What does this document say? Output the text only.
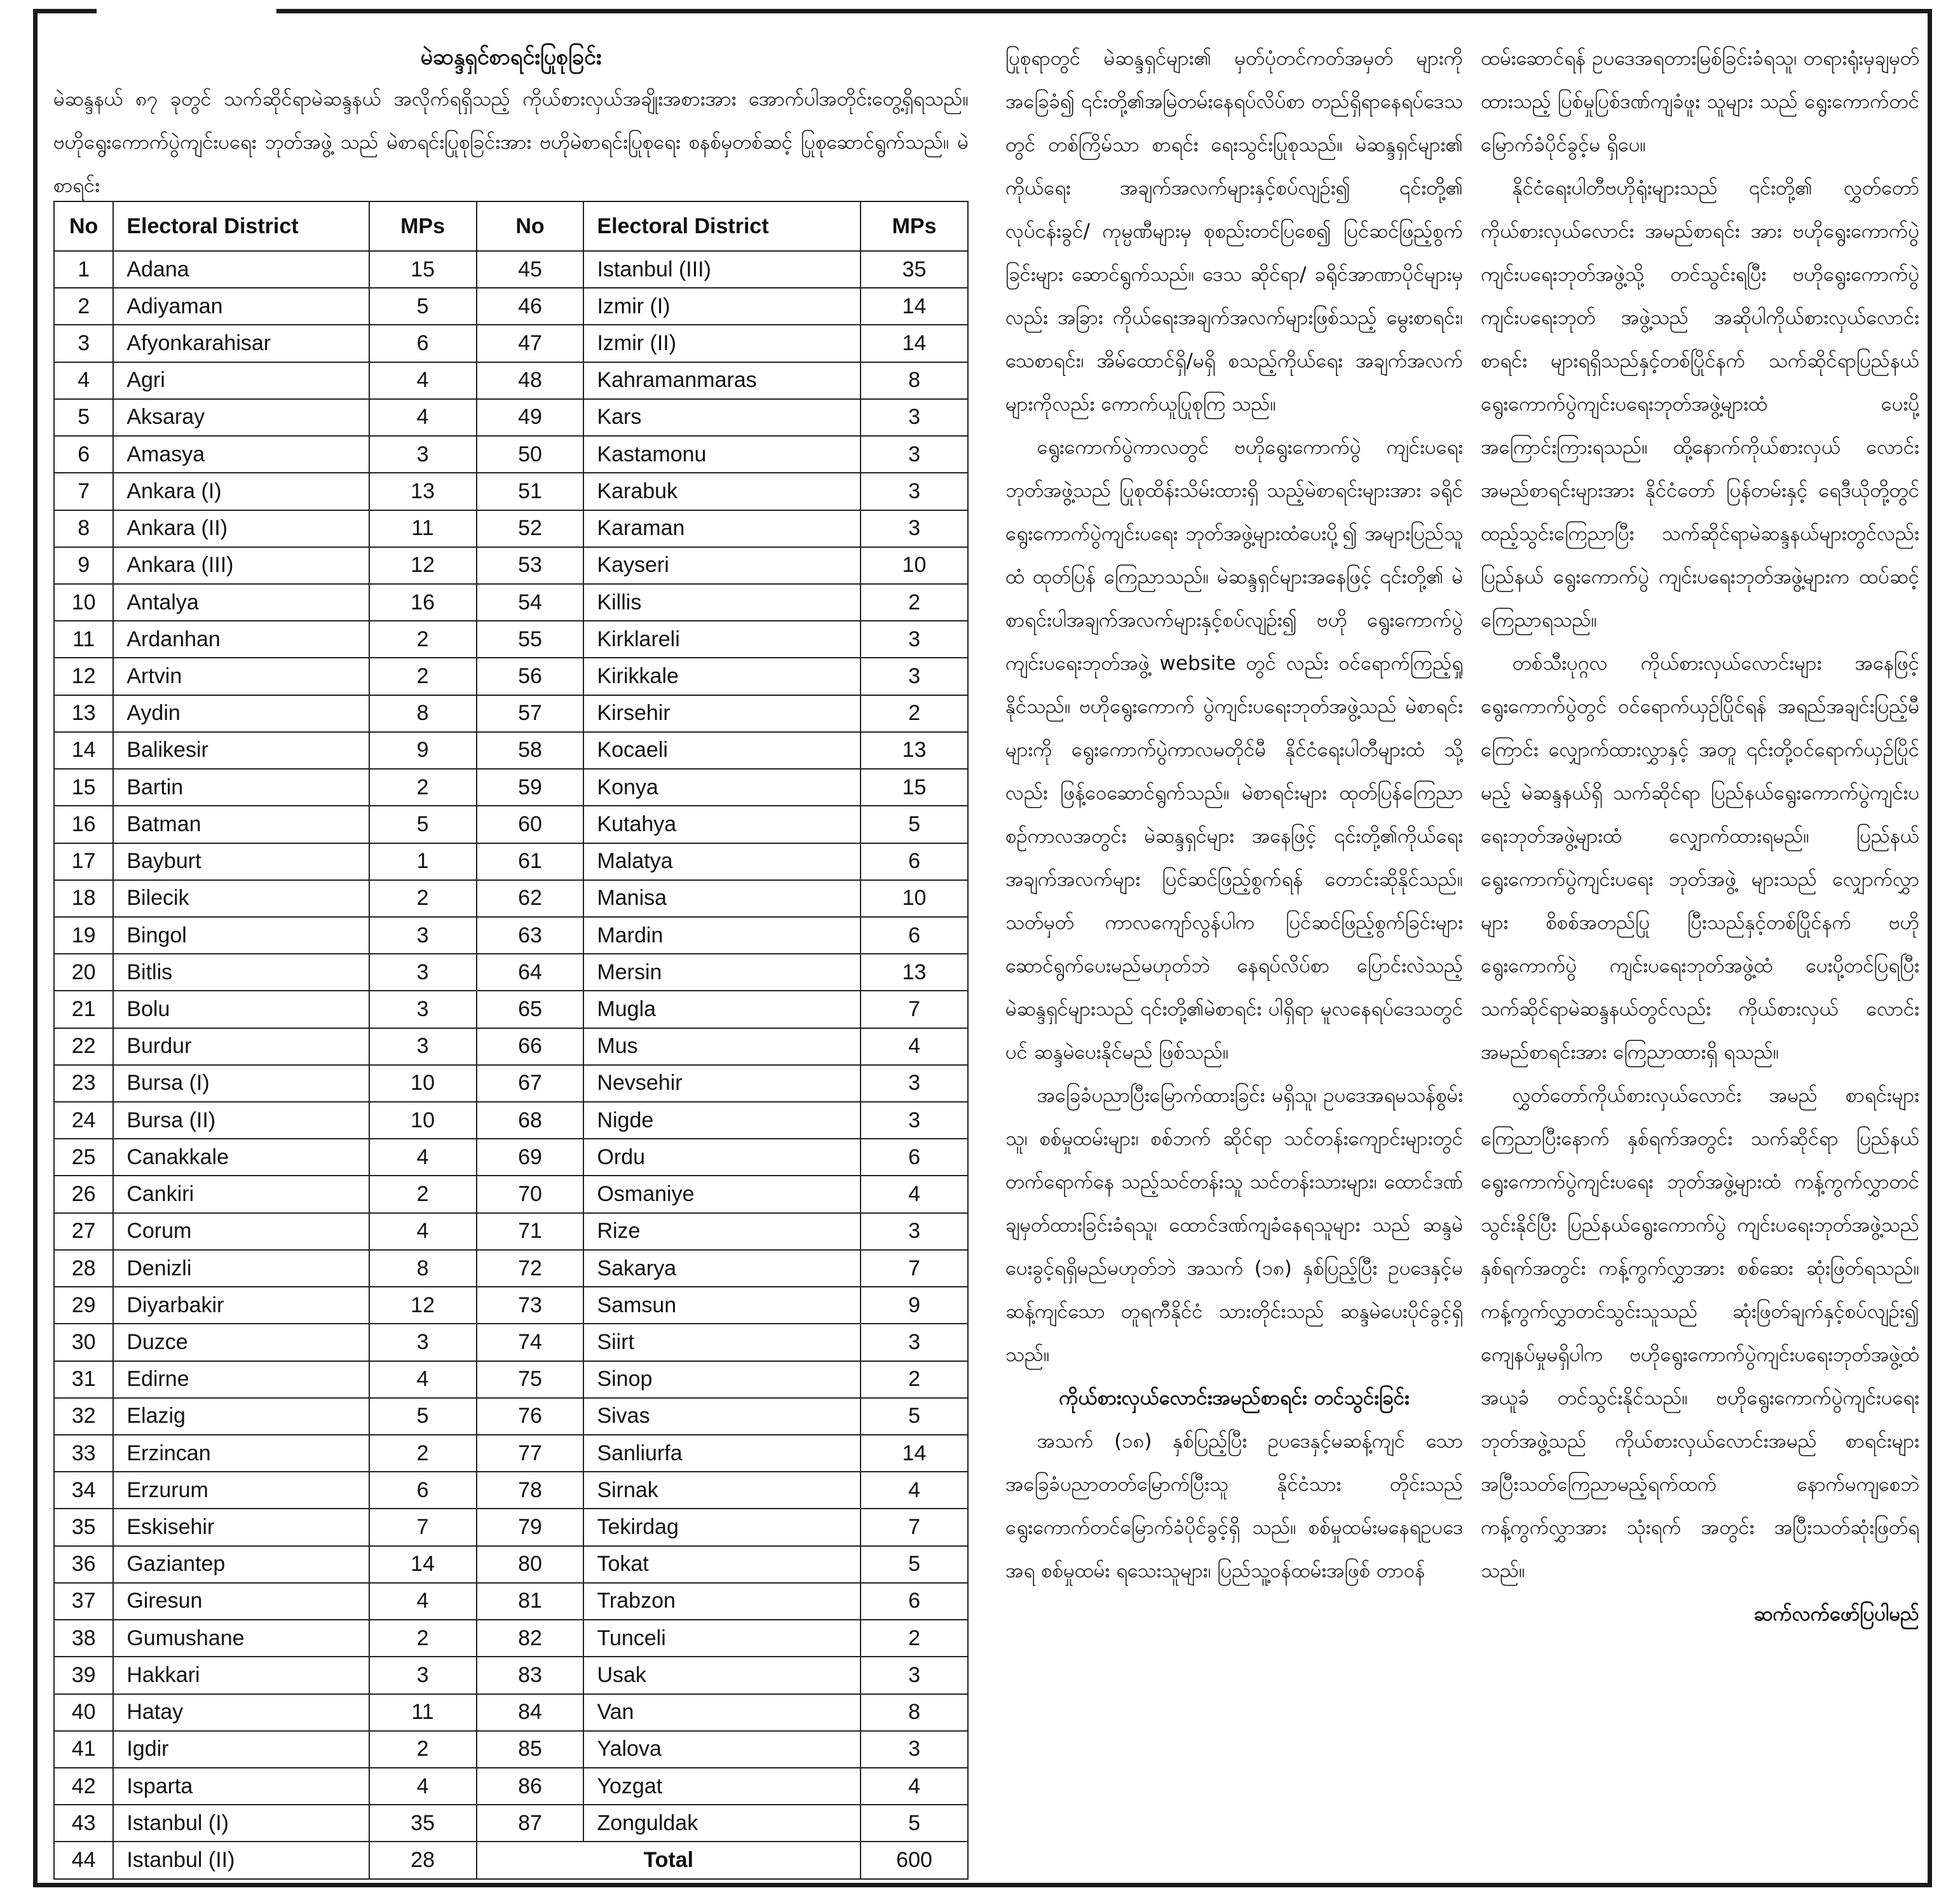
မဲဆန္ဒရှင်စာရင်းပြုစုခြင်း
မဲဆန္ဒနယ် ၈၇ ခုတွင် သက်ဆိုင်ရာမဲဆန္ဒနယ် အလိုက်ရရှိသည့် ကိုယ်စားလှယ်အချိုးအစားအား အောက်ပါအတိုင်းတွေ့ရှိရသည်။ ဗဟိုရွေးကောက်ပွဲကျင်းပရေး ဘုတ်အဖွဲ့ သည် မဲစာရင်းပြုစုခြင်းအား ဗဟိုမဲစာရင်းပြုစုရေး စနစ်မှတစ်ဆင့် ပြုစုဆောင်ရွက်သည်။ မဲစာရင်း
No	Electoral District	MPs	No	Electoral District	MPs
1	Adana	15	45	Istanbul (III)	35
2	Adiyaman	5	46	Izmir (I)	14
3	Afyonkarahisar	6	47	Izmir (II)	14
4	Agri	4	48	Kahramanmaras	8
5	Aksaray	4	49	Kars	3
6	Amasya	3	50	Kastamonu	3
7	Ankara (I)	13	51	Karabuk	3
8	Ankara (II)	11	52	Karaman	3
9	Ankara (III)	12	53	Kayseri	10
10	Antalya	16	54	Killis	2
11	Ardanhan	2	55	Kirklareli	3
12	Artvin	2	56	Kirikkale	3
13	Aydin	8	57	Kirsehir	2
14	Balikesir	9	58	Kocaeli	13
15	Bartin	2	59	Konya	15
16	Batman	5	60	Kutahya	5
17	Bayburt	1	61	Malatya	6
18	Bilecik	2	62	Manisa	10
19	Bingol	3	63	Mardin	6
20	Bitlis	3	64	Mersin	13
21	Bolu	3	65	Mugla	7
22	Burdur	3	66	Mus	4
23	Bursa (I)	10	67	Nevsehir	3
24	Bursa (II)	10	68	Nigde	3
25	Canakkale	4	69	Ordu	6
26	Cankiri	2	70	Osmaniye	4
27	Corum	4	71	Rize	3
28	Denizli	8	72	Sakarya	7
29	Diyarbakir	12	73	Samsun	9
30	Duzce	3	74	Siirt	3
31	Edirne	4	75	Sinop	2
32	Elazig	5	76	Sivas	5
33	Erzincan	2	77	Sanliurfa	14
34	Erzurum	6	78	Sirnak	4
35	Eskisehir	7	79	Tekirdag	7
36	Gaziantep	14	80	Tokat	5
37	Giresun	4	81	Trabzon	6
38	Gumushane	2	82	Tunceli	2
39	Hakkari	3	83	Usak	3
40	Hatay	11	84	Van	8
41	Igdir	2	85	Yalova	3
42	Isparta	4	86	Yozgat	4
43	Istanbul (I)	35	87	Zonguldak	5
44	Istanbul (II)	28	Total		600

ပြုစုရာတွင် မဲဆန္ဒရှင်များ၏ မှတ်ပုံတင်ကတ်အမှတ် များကိုအခြေခံ၍ ၎င်းတို့၏အမြဲတမ်းနေရပ်လိပ်စာ တည်ရှိရာနေရပ်ဒေသတွင် တစ်ကြိမ်သာ စာရင်း ရေးသွင်းပြုစုသည်။ မဲဆန္ဒရှင်များ၏ ကိုယ်ရေး အချက်အလက်များနှင့်စပ်လျဉ်း၍ ၎င်းတို့၏ လုပ်ငန်းခွင်/ ကုမ္ပဏီများမှ စုစည်းတင်ပြစေ၍ ပြင်ဆင်ဖြည့်စွက်ခြင်းများ ဆောင်ရွက်သည်။ ဒေသ ဆိုင်ရာ/ ခရိုင်အာဏာပိုင်များမှလည်း အခြား ကိုယ်ရေးအချက်အလက်များဖြစ်သည့် မွေးစာရင်း၊ သေစာရင်း၊ အိမ်ထောင်ရှိ/မရှိ စသည့်ကိုယ်ရေး အချက်အလက်များကိုလည်း ကောက်ယူပြုစုကြ သည်။

ရွေးကောက်ပွဲကာလတွင် ဗဟိုရွေးကောက်ပွဲ ကျင်းပရေးဘုတ်အဖွဲ့သည် ပြုစုထိန်းသိမ်းထားရှိ သည့်မဲစာရင်းများအား ခရိုင်ရွေးကောက်ပွဲကျင်းပရေး ဘုတ်အဖွဲ့များထံပေးပို့၍ အများပြည်သူထံ ထုတ်ပြန် ကြေညာသည်။ မဲဆန္ဒရှင်များအနေဖြင့် ၎င်းတို့၏ မဲစာရင်းပါအချက်အလက်များနှင့်စပ်လျဉ်း၍ ဗဟို ရွေးကောက်ပွဲကျင်းပရေးဘုတ်အဖွဲ့ website တွင် လည်း ဝင်ရောက်ကြည့်ရှုနိုင်သည်။ ဗဟိုရွေးကောက် ပွဲကျင်းပရေးဘုတ်အဖွဲ့သည် မဲစာရင်းများကို ရွေးကောက်ပွဲကာလမတိုင်မီ နိုင်ငံရေးပါတီများထံ သို့လည်း ဖြန့်ဝေဆောင်ရွက်သည်။ မဲစာရင်းများ ထုတ်ပြန်ကြေညာစဉ်ကာလအတွင်း မဲဆန္ဒရှင်များ အနေဖြင့် ၎င်းတို့၏ကိုယ်ရေးအချက်အလက်များ ပြင်ဆင်ဖြည့်စွက်ရန် တောင်းဆိုနိုင်သည်။ သတ်မှတ် ကာလကျော်လွန်ပါက ပြင်ဆင်ဖြည့်စွက်ခြင်းများ ဆောင်ရွက်ပေးမည်မဟုတ်ဘဲ နေရပ်လိပ်စာ ပြောင်းလဲသည့် မဲဆန္ဒရှင်များသည် ၎င်းတို့၏မဲစာရင်း ပါရှိရာ မူလနေရပ်ဒေသတွင်ပင် ဆန္ဒမဲပေးနိုင်မည် ဖြစ်သည်။

အခြေခံပညာပြီးမြောက်ထားခြင်း မရှိသူ၊ ဥပဒေအရမသန်စွမ်းသူ၊ စစ်မှုထမ်းများ၊ စစ်ဘက် ဆိုင်ရာ သင်တန်းကျောင်းများတွင် တက်ရောက်နေ သည့်သင်တန်းသူ သင်တန်းသားများ၊ ထောင်ဒဏ် ချမှတ်ထားခြင်းခံရသူ၊ ထောင်ဒဏ်ကျခံနေရသူများ သည် ဆန္ဒမဲပေးခွင့်ရရှိမည်မဟုတ်ဘဲ အသက် (၁၈) နှစ်ပြည့်ပြီး ဥပဒေနှင့်မဆန့်ကျင်သော တူရကီနိုင်ငံ သားတိုင်းသည် ဆန္ဒမဲပေးပိုင်ခွင့်ရှိသည်။

ကိုယ်စားလှယ်လောင်းအမည်စာရင်း တင်သွင်းခြင်း

အသက် (၁၈) နှစ်ပြည့်ပြီး ဥပဒေနှင့်မဆန့်ကျင် သော အခြေခံပညာတတ်မြောက်ပြီးသူ နိုင်ငံသား တိုင်းသည် ရွေးကောက်တင်မြောက်ခံပိုင်ခွင့်ရှိ သည်။ စစ်မှုထမ်းမနေရဥပဒေအရ စစ်မှုထမ်း ရသေးသူများ၊ ပြည်သူ့ဝန်ထမ်းအဖြစ် တာဝန်

ထမ်းဆောင်ရန် ဥပဒေအရတားမြစ်ခြင်းခံရသူ၊ တရားရုံးမှချမှတ်ထားသည့် ပြစ်မှုပြစ်ဒဏ်ကျခံဖူး သူများ သည် ရွေးကောက်တင်မြောက်ခံပိုင်ခွင့်မ ရှိပေ။

နိုင်ငံရေးပါတီဗဟိုရုံးများသည် ၎င်းတို့၏ လွှတ်တော်ကိုယ်စားလှယ်လောင်း အမည်စာရင်း အား ဗဟိုရွေးကောက်ပွဲကျင်းပရေးဘုတ်အဖွဲ့သို့ တင်သွင်းရပြီး ဗဟိုရွေးကောက်ပွဲကျင်းပရေးဘုတ် အဖွဲ့သည် အဆိုပါကိုယ်စားလှယ်လောင်းစာရင်း များရရှိသည်နှင့်တစ်ပြိုင်နက် သက်ဆိုင်ရာပြည်နယ် ရွေးကောက်ပွဲကျင်းပရေးဘုတ်အဖွဲ့များထံ ပေးပို့ အကြောင်းကြားရသည်။ ထို့နောက်ကိုယ်စားလှယ် လောင်းအမည်စာရင်းများအား နိုင်ငံတော် ပြန်တမ်းနှင့် ရေဒီယိုတို့တွင် ထည့်သွင်းကြေညာပြီး သက်ဆိုင်ရာမဲဆန္ဒနယ်များတွင်လည်း ပြည်နယ် ရွေးကောက်ပွဲ ကျင်းပရေးဘုတ်အဖွဲ့များက ထပ်ဆင့်ကြေညာရသည်။

တစ်သီးပုဂ္ဂလ ကိုယ်စားလှယ်လောင်းများ အနေဖြင့်ရွေးကောက်ပွဲတွင် ဝင်ရောက်ယှဉ်ပြိုင်ရန် အရည်အချင်းပြည့်မီကြောင်း လျှောက်ထားလွှာနှင့် အတူ ၎င်းတို့ဝင်ရောက်ယှဉ်ပြိုင်မည့် မဲဆန္ဒနယ်ရှိ သက်ဆိုင်ရာ ပြည်နယ်ရွေးကောက်ပွဲကျင်းပ ရေးဘုတ်အဖွဲ့များထံ လျှောက်ထားရမည်။ ပြည်နယ်ရွေးကောက်ပွဲကျင်းပရေး ဘုတ်အဖွဲ့ များသည် လျှောက်လွှာများ စိစစ်အတည်ပြု ပြီးသည်နှင့်တစ်ပြိုင်နက် ဗဟိုရွေးကောက်ပွဲ ကျင်းပရေးဘုတ်အဖွဲ့ထံ ပေးပို့တင်ပြရပြီး သက်ဆိုင်ရာမဲဆန္ဒနယ်တွင်လည်း ကိုယ်စားလှယ် လောင်းအမည်စာရင်းအား ကြေညာထားရှိ ရသည်။

လွှတ်တော်ကိုယ်စားလှယ်လောင်း အမည် စာရင်းများ ကြေညာပြီးနောက် နှစ်ရက်အတွင်း သက်ဆိုင်ရာ ပြည်နယ်ရွေးကောက်ပွဲကျင်းပရေး ဘုတ်အဖွဲ့များထံ ကန့်ကွက်လွှာတင်သွင်းနိုင်ပြီး ပြည်နယ်ရွေးကောက်ပွဲ ကျင်းပရေးဘုတ်အဖွဲ့သည် နှစ်ရက်အတွင်း ကန့်ကွက်လွှာအား စစ်ဆေး ဆုံးဖြတ်ရသည်။ ကန့်ကွက်လွှာတင်သွင်းသူသည် ဆုံးဖြတ်ချက်နှင့်စပ်လျဉ်း၍ ကျေနပ်မှုမရှိပါက ဗဟိုရွေးကောက်ပွဲကျင်းပရေးဘုတ်အဖွဲ့ထံ အယူခံ တင်သွင်းနိုင်သည်။ ဗဟိုရွေးကောက်ပွဲကျင်းပရေး ဘုတ်အဖွဲ့သည် ကိုယ်စားလှယ်လောင်းအမည် စာရင်းများ အပြီးသတ်ကြေညာမည့်ရက်ထက် နောက်မကျစေဘဲ ကန့်ကွက်လွှာအား သုံးရက် အတွင်း အပြီးသတ်ဆုံးဖြတ်ရသည်။

ဆက်လက်ဖော်ပြပါမည်
